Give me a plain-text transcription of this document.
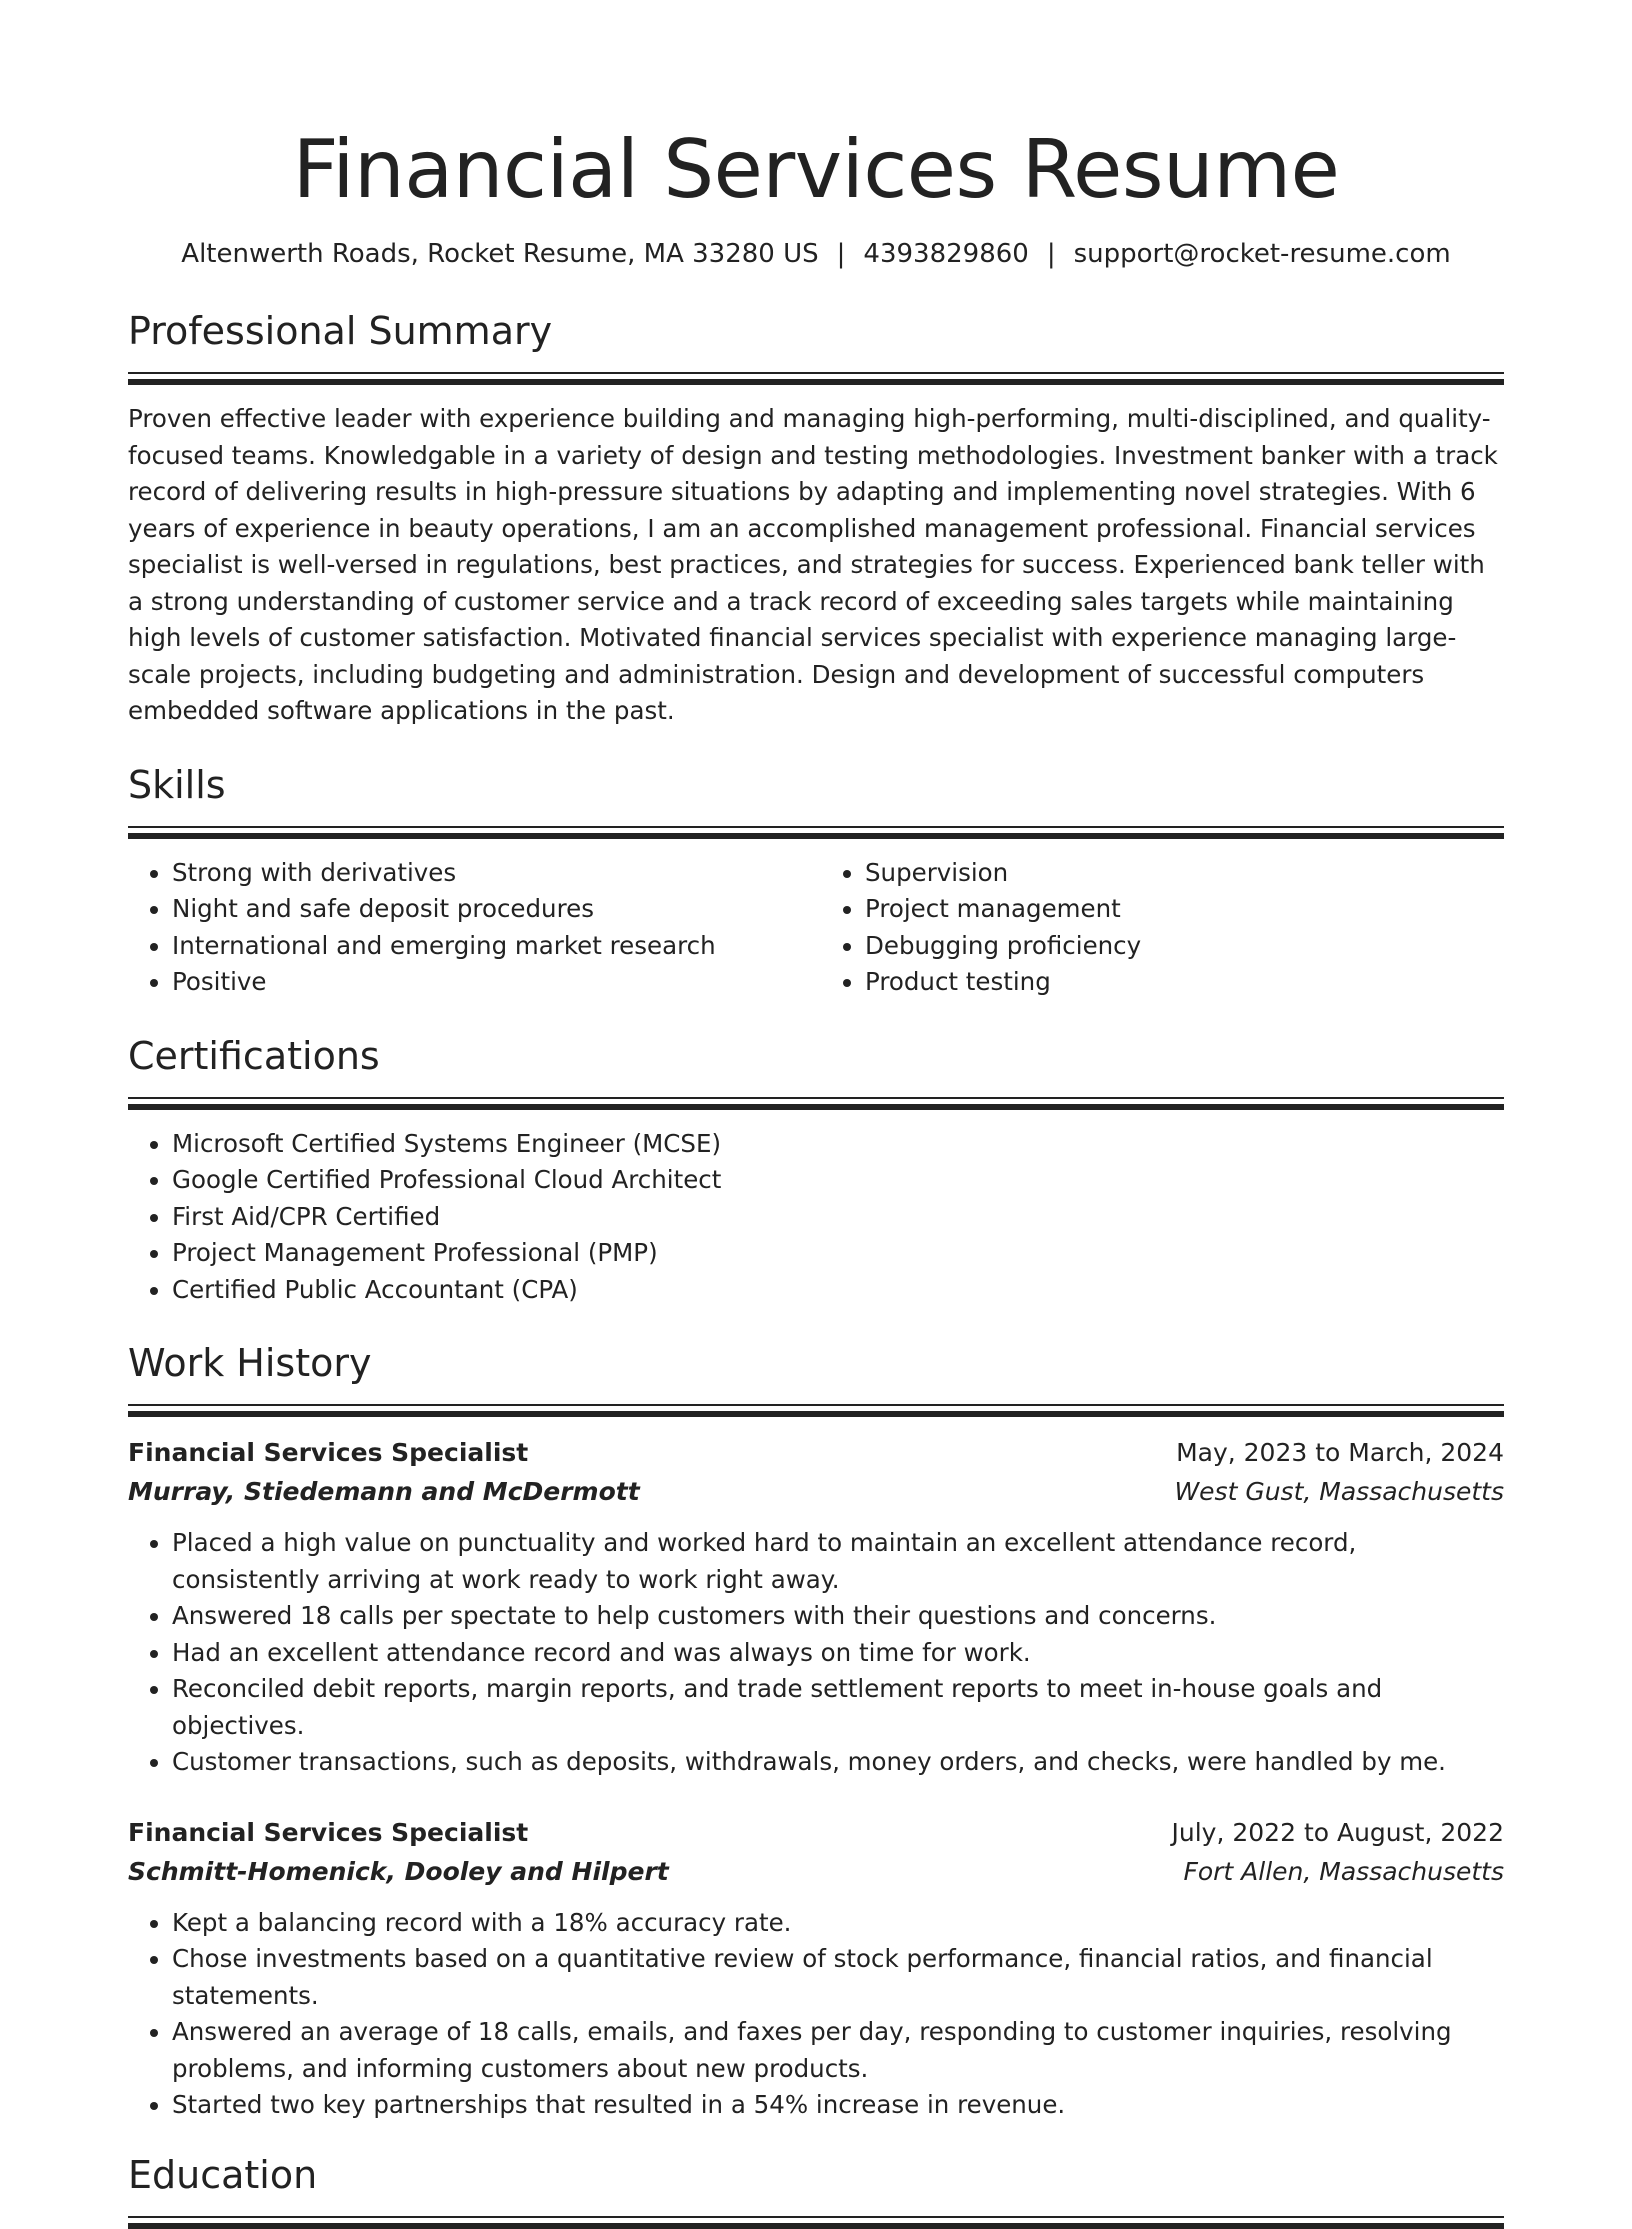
Financial Services Resume
Altenwerth Roads, Rocket Resume, MA 33280 US | 4393829860 | support@rocket-resume.com
Professional Summary

Proven effective leader with experience building and managing high-performing, multi-disciplined, and quality-focused teams. Knowledgable in a variety of design and testing methodologies. Investment banker with a track record of delivering results in high-pressure situations by adapting and implementing novel strategies. With 6 years of experience in beauty operations, I am an accomplished management professional. Financial services specialist is well-versed in regulations, best practices, and strategies for success. Experienced bank teller with a strong understanding of customer service and a track record of exceeding sales targets while maintaining high levels of customer satisfaction. Motivated financial services specialist with experience managing large-scale projects, including budgeting and administration. Design and development of successful computers embedded software applications in the past.

Skills
• Strong with derivatives
• Night and safe deposit procedures
• International and emerging market research
• Positive
• Supervision
• Project management
• Debugging proficiency
• Product testing
Certifications
• Microsoft Certified Systems Engineer (MCSE)
• Google Certified Professional Cloud Architect
• First Aid/CPR Certified
• Project Management Professional (PMP)
• Certified Public Accountant (CPA)
Work History
Financial Services Specialist	May, 2023 to March, 2024
Murray, Stiedemann and McDermott	West Gust, Massachusetts
• Placed a high value on punctuality and worked hard to maintain an excellent attendance record, consistently arriving at work ready to work right away.
• Answered 18 calls per spectate to help customers with their questions and concerns.
• Had an excellent attendance record and was always on time for work.
• Reconciled debit reports, margin reports, and trade settlement reports to meet in-house goals and objectives.
• Customer transactions, such as deposits, withdrawals, money orders, and checks, were handled by me.
Financial Services Specialist	July, 2022 to August, 2022
Schmitt-Homenick, Dooley and Hilpert	Fort Allen, Massachusetts
• Kept a balancing record with a 18% accuracy rate.
• Chose investments based on a quantitative review of stock performance, financial ratios, and financial statements.
• Answered an average of 18 calls, emails, and faxes per day, responding to customer inquiries, resolving problems, and informing customers about new products.
• Started two key partnerships that resulted in a 54% increase in revenue.
Education
